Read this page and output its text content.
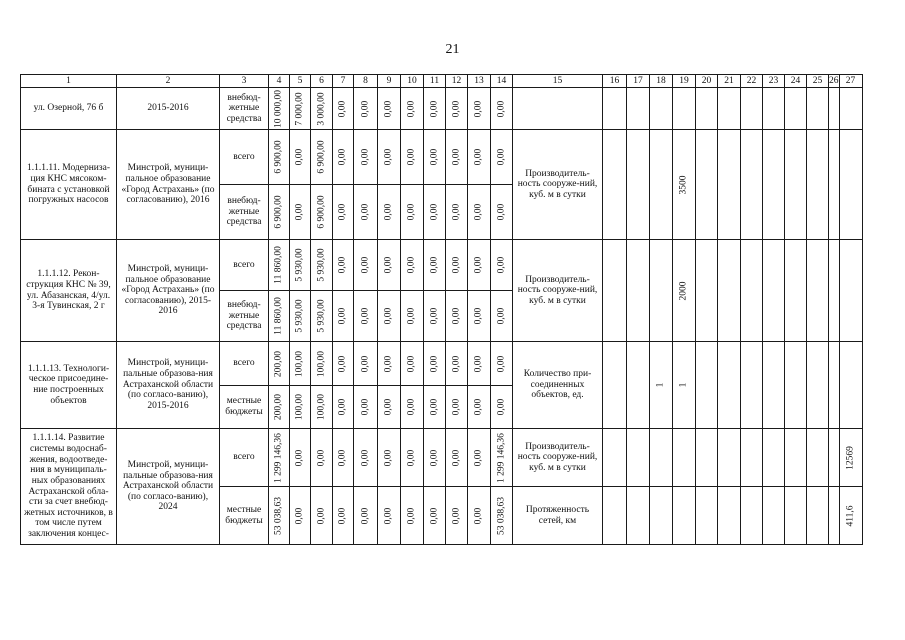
21
1	2	3	4	5	6	7	8	9	10	11	12	13	14	15	16	17	18	19	20	21	22	23	24	25	26	27

ул. Озерной, 76 б	2015-2016	внебюд-жетные средства	10 000,00	7 000,00	3 000,00	0,00	0,00	0,00	0,00	0,00	0,00	0,00	0,00													

1.1.1.11. Модерниза-ция КНС мясоком-бината с установкой погружных насосов	Минстрой, муници-пальное образование «Город Астрахань» (по согласованию), 2016	всего	6 900,00	0,00	6 900,00	0,00	0,00	0,00	0,00	0,00	0,00	0,00	0,00	Производитель-ность сооруже-ний, куб. м в сутки				3500								

		внебюд-жетные средства	6 900,00	0,00	6 900,00	0,00	0,00	0,00	0,00	0,00	0,00	0,00	0,00													

1.1.1.12. Рекон-струкция КНС № 39, ул. Абазанская, 4/ул. 3-я Тувинская, 2 г	Минстрой, муници-пальное образование «Город Астрахань» (по согласованию), 2015-2016	всего	11 860,00	5 930,00	5 930,00	0,00	0,00	0,00	0,00	0,00	0,00	0,00	0,00	Производитель-ность сооруже-ний, куб. м в сутки				2000								

		внебюд-жетные средства	11 860,00	5 930,00	5 930,00	0,00	0,00	0,00	0,00	0,00	0,00	0,00	0,00													

1.1.1.13. Технологи-ческое присоедине-ние построенных объектов	Минстрой, муници-пальные образова-ния Астраханской области (по согласо-ванию), 2015-2016	всего	200,00	100,00	100,00	0,00	0,00	0,00	0,00	0,00	0,00	0,00	0,00	Количество при-соединенных объектов, ед.			1	1								

		местные бюджеты	200,00	100,00	100,00	0,00	0,00	0,00	0,00	0,00	0,00	0,00	0,00													

1.1.1.14. Развитие системы водоснаб-жения, водоотведе-ния в муниципаль-ных образованиях Астраханской обла-сти за счет внебюд-жетных источников, в том числе путем заключения концес-	Минстрой, муници-пальные образова-ния Астраханской области (по согласо-ванию), 2024	всего	1 299 146,36	0,00	0,00	0,00	0,00	0,00	0,00	0,00	0,00	0,00	1 299 146,36	Производитель-ность сооруже-ний, куб. м в сутки												12569

		местные бюджеты	53 038,63	0,00	0,00	0,00	0,00	0,00	0,00	0,00	0,00	0,00	53 038,63	Протяженность сетей, км												411,6
